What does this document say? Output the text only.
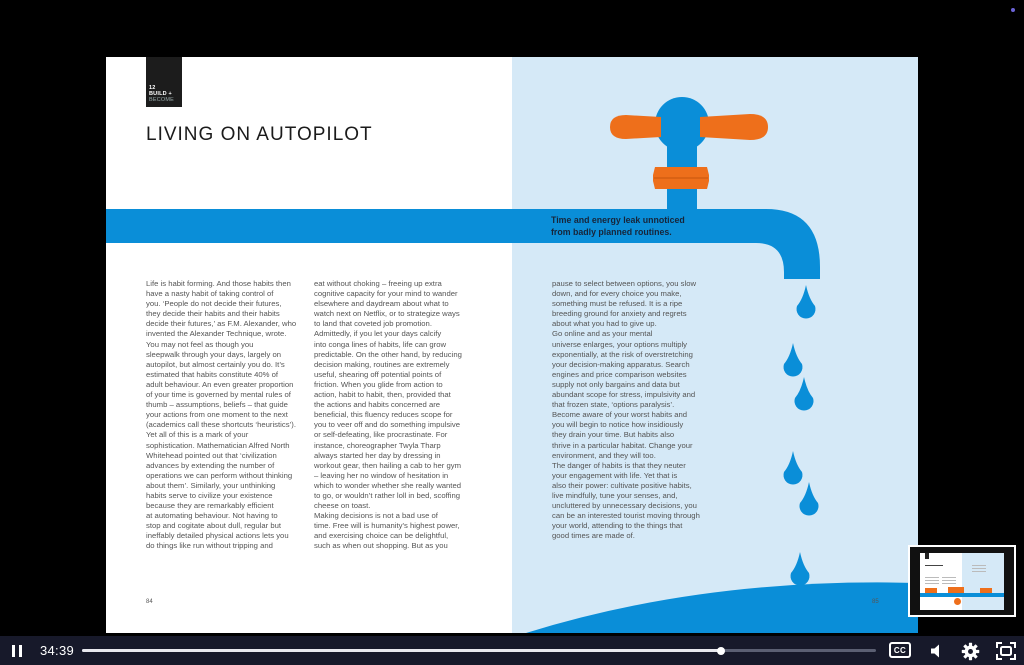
12
BUILD +
BECOME
LIVING ON AUTOPILOT
Time and energy leak unnoticed
from badly planned routines.
Life is habit forming. And those habits then
have a nasty habit of taking control of
you. ‘People do not decide their futures,
they decide their habits and their habits
decide their futures,’ as F.M. Alexander, who
invented the Alexander Technique, wrote.
You may not feel as though you
sleepwalk through your days, largely on
autopilot, but almost certainly you do. It’s
estimated that habits constitute 40% of
adult behaviour. An even greater proportion
of your time is governed by mental rules of
thumb – assumptions, beliefs – that guide
your actions from one moment to the next
(academics call these shortcuts ‘heuristics’).
Yet all of this is a mark of your
sophistication. Mathematician Alfred North
Whitehead pointed out that ‘civilization
advances by extending the number of
operations we can perform without thinking
about them’. Similarly, your unthinking
habits serve to civilize your existence
because they are remarkably efficient
at automating behaviour. Not having to
stop and cogitate about dull, regular but
ineffably detailed physical actions lets you
do things like run without tripping and
eat without choking – freeing up extra
cognitive capacity for your mind to wander
elsewhere and daydream about what to
watch next on Netflix, or to strategize ways
to land that coveted job promotion.
Admittedly, if you let your days calcify
into conga lines of habits, life can grow
predictable. On the other hand, by reducing
decision making, routines are extremely
useful, shearing off potential points of
friction. When you glide from action to
action, habit to habit, then, provided that
the actions and habits concerned are
beneficial, this fluency reduces scope for
you to veer off and do something impulsive
or self-defeating, like procrastinate. For
instance, choreographer Twyla Tharp
always started her day by dressing in
workout gear, then hailing a cab to her gym
– leaving her no window of hesitation in
which to wonder whether she really wanted
to go, or wouldn’t rather loll in bed, scoffing
cheese on toast.
Making decisions is not a bad use of
time. Free will is humanity’s highest power,
and exercising choice can be delightful,
such as when out shopping. But as you
pause to select between options, you slow
down, and for every choice you make,
something must be refused. It is a ripe
breeding ground for anxiety and regrets
about what you had to give up.
Go online and as your mental
universe enlarges, your options multiply
exponentially, at the risk of overstretching
your decision-making apparatus. Search
engines and price comparison websites
supply not only bargains and data but
abundant scope for stress, impulsivity and
that frozen state, ‘options paralysis’.
Become aware of your worst habits and
you will begin to notice how insidiously
they drain your time. But habits also
thrive in a particular habitat. Change your
environment, and they will too.
The danger of habits is that they neuter
your engagement with life. Yet that is
also their power: cultivate positive habits,
live mindfully, tune your senses, and,
uncluttered by unnecessary decisions, you
can be an interested tourist moving through
your world, attending to the things that
good times are made of.
84	85
34:39	CC
